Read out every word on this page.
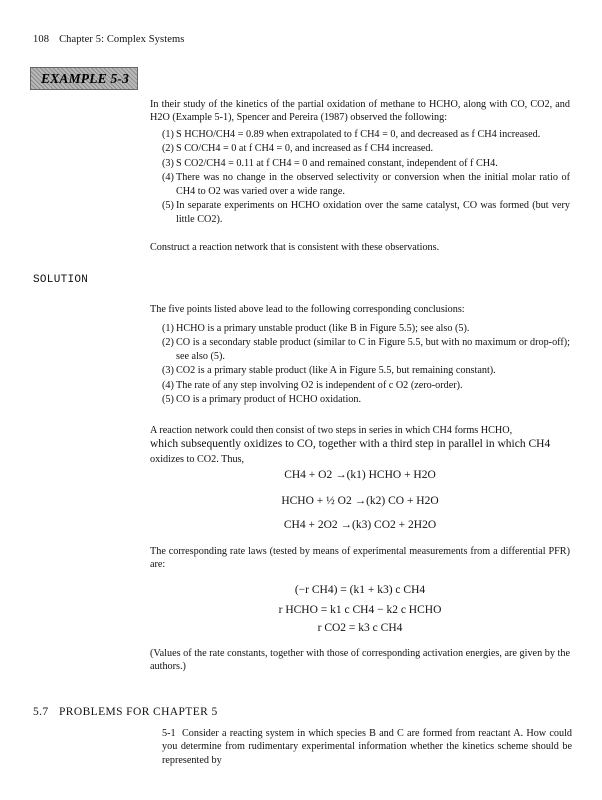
108 Chapter 5: Complex Systems
EXAMPLE 5-3
In their study of the kinetics of the partial oxidation of methane to HCHO, along with CO, CO2, and H2O (Example 5-1), Spencer and Pereira (1987) observed the following:
(1) S HCHO/CH4 = 0.89 when extrapolated to f CH4 = 0, and decreased as f CH4 increased.
(2) S CO/CH4 = 0 at f CH4 = 0, and increased as f CH4 increased.
(3) S CO2/CH4 = 0.11 at f CH4 = 0 and remained constant, independent of f CH4.
(4) There was no change in the observed selectivity or conversion when the initial molar ratio of CH4 to O2 was varied over a wide range.
(5) In separate experiments on HCHO oxidation over the same catalyst, CO was formed (but very little CO2).
Construct a reaction network that is consistent with these observations.
SOLUTION
The five points listed above lead to the following corresponding conclusions:
(1) HCHO is a primary unstable product (like B in Figure 5.5); see also (5).
(2) CO is a secondary stable product (similar to C in Figure 5.5, but with no maximum or drop-off); see also (5).
(3) CO2 is a primary stable product (like A in Figure 5.5, but remaining constant).
(4) The rate of any step involving O2 is independent of c O2 (zero-order).
(5) CO is a primary product of HCHO oxidation.
A reaction network could then consist of two steps in series in which CH4 forms HCHO,
which subsequently oxidizes to CO, together with a third step in parallel in which CH4
oxidizes to CO2. Thus,
CH4 + O2 →(k1) HCHO + H2O
HCHO + ½ O2 →(k2) CO + H2O
CH4 + 2O2 →(k3) CO2 + 2H2O
The corresponding rate laws (tested by means of experimental measurements from a differential PFR) are:
(−r CH4) = (k1 + k3) c CH4
r HCHO = k1 c CH4 − k2 c HCHO
r CO2 = k3 c CH4
(Values of the rate constants, together with those of corresponding activation energies, are given by the authors.)
5.7 PROBLEMS FOR CHAPTER 5
5-1 Consider a reacting system in which species B and C are formed from reactant A. How could you determine from rudimentary experimental information whether the kinetics scheme should be represented by
